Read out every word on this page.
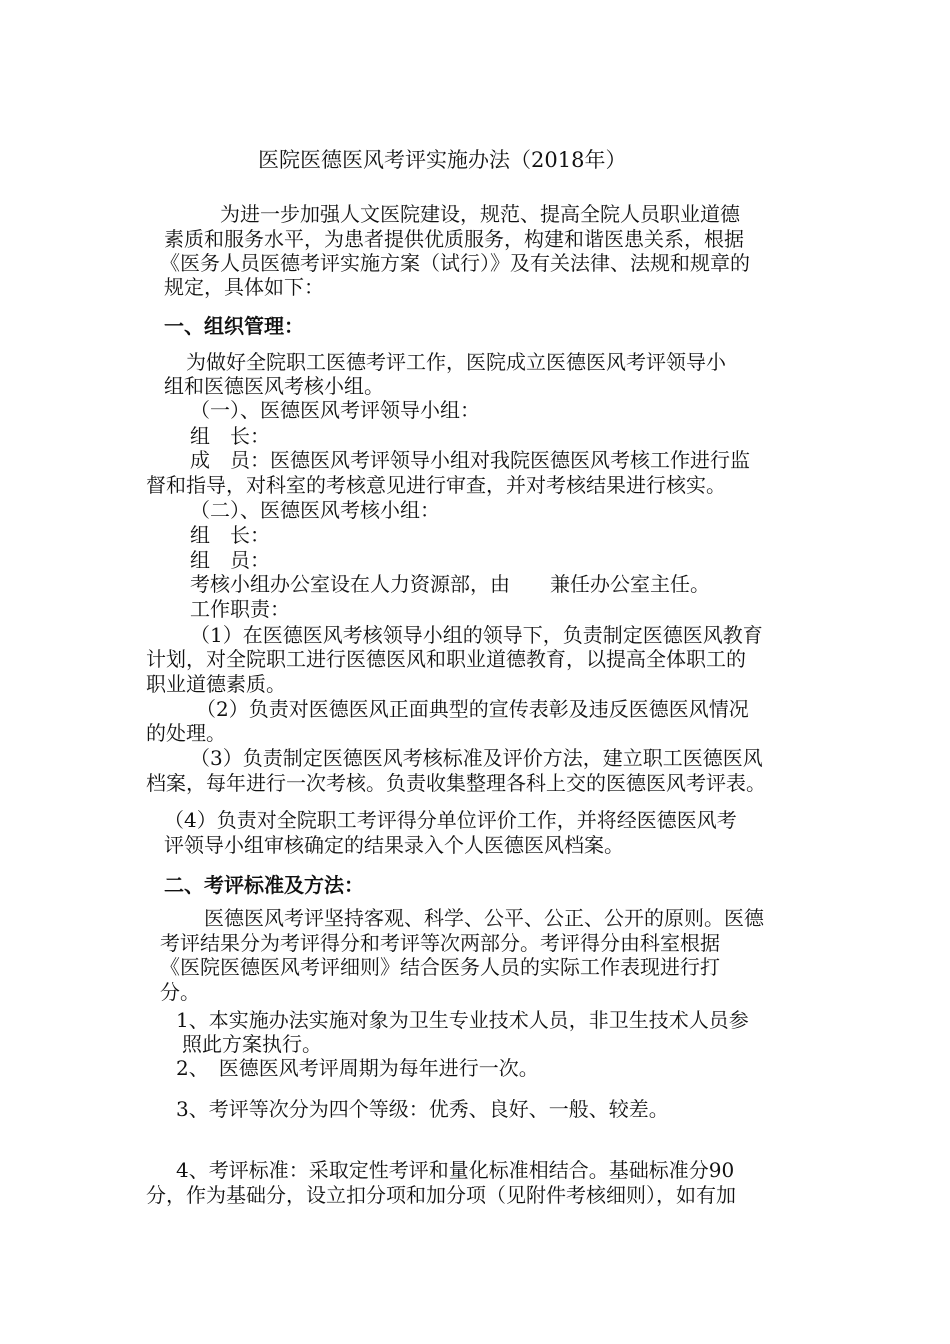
医院医德医风考评实施办法（2018年）
为进一步加强人文医院建设，规范、提高全院人员职业道德
素质和服务水平，为患者提供优质服务，构建和谐医患关系，根据
《医务人员医德考评实施方案（试行）》及有关法律、法规和规章的
规定，具体如下：
一、组织管理：
为做好全院职工医德考评工作，医院成立医德医风考评领导小
组和医德医风考核小组。
（一）、医德医风考评领导小组：
组　长：
成　员：医德医风考评领导小组对我院医德医风考核工作进行监
督和指导，对科室的考核意见进行审查，并对考核结果进行核实。
（二）、医德医风考核小组：
组　长：
组　员：
考核小组办公室设在人力资源部，由　　兼任办公室主任。
工作职责：
（1）在医德医风考核领导小组的领导下，负责制定医德医风教育
计划，对全院职工进行医德医风和职业道德教育，以提高全体职工的
职业道德素质。
（2）负责对医德医风正面典型的宣传表彰及违反医德医风情况
的处理。
（3）负责制定医德医风考核标准及评价方法，建立职工医德医风
档案，每年进行一次考核。负责收集整理各科上交的医德医风考评表。
（4）负责对全院职工考评得分单位评价工作，并将经医德医风考
评领导小组审核确定的结果录入个人医德医风档案。
二、考评标准及方法：
医德医风考评坚持客观、科学、公平、公正、公开的原则。医德
考评结果分为考评得分和考评等次两部分。考评得分由科室根据
《医院医德医风考评细则》结合医务人员的实际工作表现进行打
分。
1、本实施办法实施对象为卫生专业技术人员，非卫生技术人员参
照此方案执行。
2、　医德医风考评周期为每年进行一次。
3、考评等次分为四个等级：优秀、良好、一般、较差。
4、考评标准：采取定性考评和量化标准相结合。基础标准分90
分，作为基础分，设立扣分项和加分项（见附件考核细则），如有加
